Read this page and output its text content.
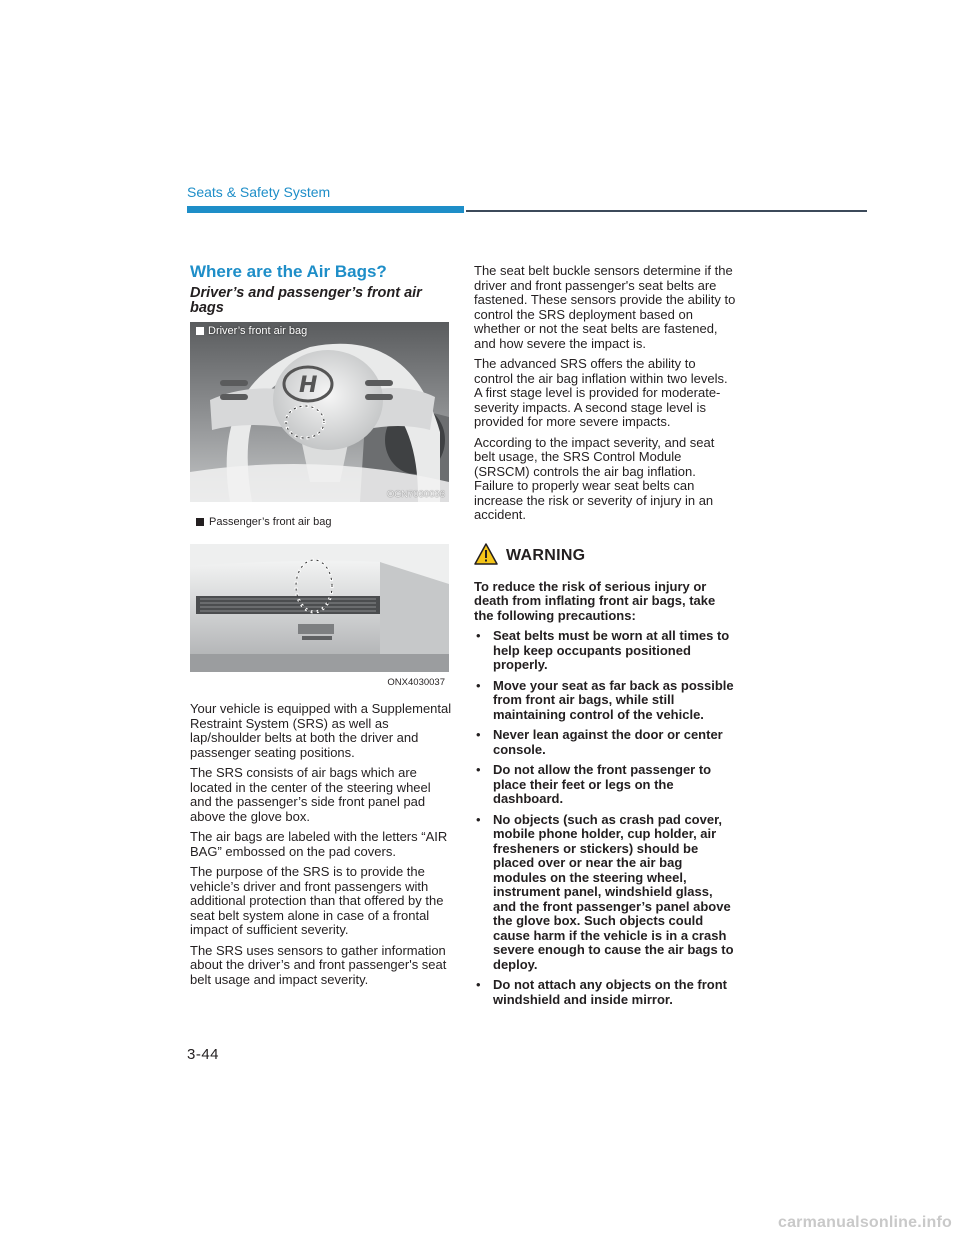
Seats & Safety System
Where are the Air Bags?
Driver’s and passenger’s front air bags
H
Driver’s front air bag
OCN7030036
Passenger’s front air bag
ONX4030037

Your vehicle is equipped with a Supplemental Restraint System (SRS) as well as lap/shoulder belts at both the driver and passenger seating positions.

The SRS consists of air bags which are located in the center of the steering wheel and the passenger’s side front panel pad above the glove box.

The air bags are labeled with the letters “AIR BAG” embossed on the pad covers.

The purpose of the SRS is to provide the vehicle’s driver and front passengers with additional protection than that offered by the seat belt system alone in case of a frontal impact of sufficient severity.

The SRS uses sensors to gather information about the driver’s and front passenger's seat belt usage and impact severity.

The seat belt buckle sensors determine if the driver and front passenger's seat belts are fastened. These sensors provide the ability to control the SRS deployment based on whether or not the seat belts are fastened, and how severe the impact is.

The advanced SRS offers the ability to control the air bag inflation within two levels. A first stage level is provided for moderate-severity impacts. A second stage level is provided for more severe impacts.

According to the impact severity, and seat belt usage, the SRS Control Module (SRSCM) controls the air bag inflation. Failure to properly wear seat belts can increase the risk or severity of injury in an accident.

WARNING

To reduce the risk of serious injury or death from inflating front air bags, take the following precautions:

• Seat belts must be worn at all times to help keep occupants positioned properly.
• Move your seat as far back as possible from front air bags, while still maintaining control of the vehicle.
• Never lean against the door or center console.
• Do not allow the front passenger to place their feet or legs on the dashboard.
• No objects (such as crash pad cover, mobile phone holder, cup holder, air fresheners or stickers) should be placed over or near the air bag modules on the steering wheel, instrument panel, windshield glass, and the front passenger’s panel above the glove box. Such objects could cause harm if the vehicle is in a crash severe enough to cause the air bags to deploy.
• Do not attach any objects on the front windshield and inside mirror.
3-44
carmanualsonline.info
